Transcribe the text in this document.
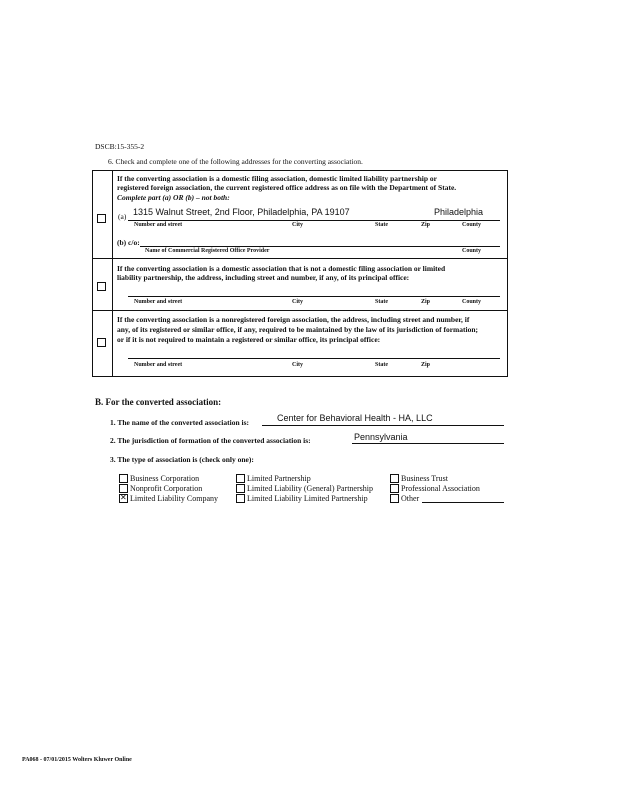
DSCB:15-355-2
6. Check and complete one of the following addresses for the converting association.
If the converting association is a domestic filing association, domestic limited liability partnership or
registered foreign association, the current registered office address as on file with the Department of State.
Complete part (a) OR (b) – not both:
(a) 1315 Walnut Street, 2nd Floor, Philadelphia, PA 19107	Philadelphia
Number and street	City	State	Zip	County
(b) c/o:
Name of Commercial Registered Office Provider	County
If the converting association is a domestic association that is not a domestic filing association or limited
liability partnership, the address, including street and number, if any, of its principal office:
Number and street	City	State	Zip	County
If the converting association is a nonregistered foreign association, the address, including street and number, if
any, of its registered or similar office, if any, required to be maintained by the law of its jurisdiction of formation;
or if it is not required to maintain a registered or similar office, its principal office:
Number and street	City	State	Zip
B. For the converted association:
1. The name of the converted association is:	Center for Behavioral Health - HA, LLC
2. The jurisdiction of formation of the converted association is:	Pennsylvania
3. The type of association is (check only one):
Business Corporation
Nonprofit Corporation
✕Limited Liability Company
Limited Partnership
Limited Liability (General) Partnership
Limited Liability Limited Partnership
Business Trust
Professional Association
Other
PA068 - 07/01/2015 Wolters Kluwer Online
